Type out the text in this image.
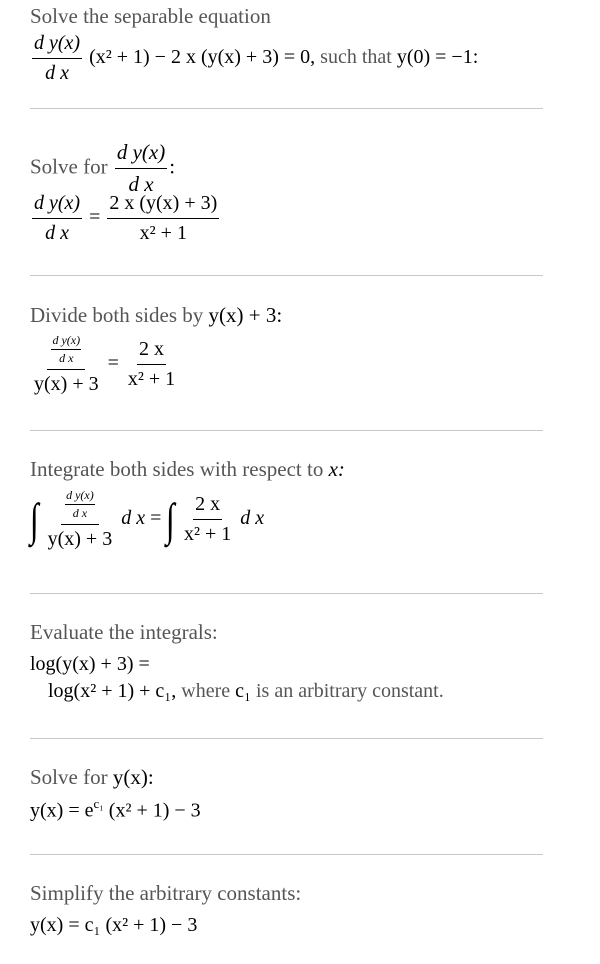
Solve the separable equation
$\frac{\text{d y(x)}}{\text{d x}} (x^2 + 1) - 2$ x (y(x) + 3) = 0, such that y(0) = −1:
Solve for $\frac{\text{d y(x)}}{\text{d x}}$ :
$\frac{\text{d y(x)}}{\text{d x}} = \frac{2 x (y(x) + 3)}{\text{x² + 1}}$
Divide both sides by y(x) + 3:
$\frac{\frac{\text{d y(x)}}{\text{d x}}}{y(x) + 3} = \frac{2 x}{\text{x² + 1}}$
Integrate both sides with respect to x:
∫ $\frac{\frac{\text{d y(x)}}{\text{d x}}}{y(x) + 3}$ d x = ∫ $\frac{2 x}{\text{x² + 1}}$ d x
Evaluate the integrals:
log(y(x) + 3) =
log(x² + 1) + c₁, where c₁ is an arbitrary constant.
Solve for y(x):
$y(x) = e^{c_1}$ (x² + 1) − 3
Simplify the arbitrary constants:
y(x) = c₁ (x² + 1) − 3
